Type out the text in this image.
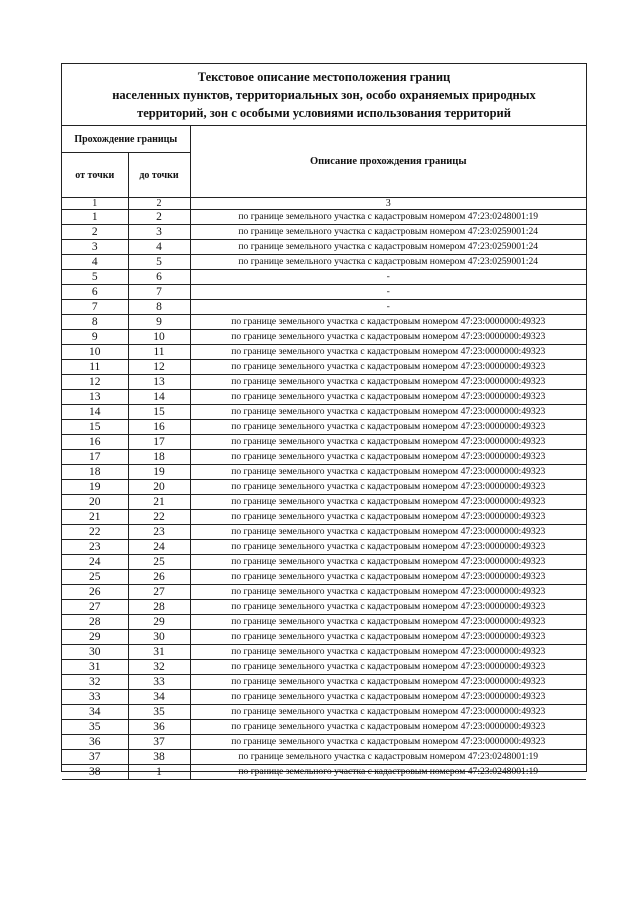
Текстовое описание местоположения границ
населенных пунктов, территориальных зон, особо охраняемых природных
территорий, зон с особыми условиями использования территорий
Прохождение границы		Описание прохождения границы
от точки	до точки	
1	2	3
1	2	по границе земельного участка с кадастровым номером 47:23:0248001:19
2	3	по границе земельного участка с кадастровым номером 47:23:0259001:24
3	4	по границе земельного участка с кадастровым номером 47:23:0259001:24
4	5	по границе земельного участка с кадастровым номером 47:23:0259001:24
5	6	-
6	7	-
7	8	-
8	9	по границе земельного участка с кадастровым номером 47:23:0000000:49323
9	10	по границе земельного участка с кадастровым номером 47:23:0000000:49323
10	11	по границе земельного участка с кадастровым номером 47:23:0000000:49323
11	12	по границе земельного участка с кадастровым номером 47:23:0000000:49323
12	13	по границе земельного участка с кадастровым номером 47:23:0000000:49323
13	14	по границе земельного участка с кадастровым номером 47:23:0000000:49323
14	15	по границе земельного участка с кадастровым номером 47:23:0000000:49323
15	16	по границе земельного участка с кадастровым номером 47:23:0000000:49323
16	17	по границе земельного участка с кадастровым номером 47:23:0000000:49323
17	18	по границе земельного участка с кадастровым номером 47:23:0000000:49323
18	19	по границе земельного участка с кадастровым номером 47:23:0000000:49323
19	20	по границе земельного участка с кадастровым номером 47:23:0000000:49323
20	21	по границе земельного участка с кадастровым номером 47:23:0000000:49323
21	22	по границе земельного участка с кадастровым номером 47:23:0000000:49323
22	23	по границе земельного участка с кадастровым номером 47:23:0000000:49323
23	24	по границе земельного участка с кадастровым номером 47:23:0000000:49323
24	25	по границе земельного участка с кадастровым номером 47:23:0000000:49323
25	26	по границе земельного участка с кадастровым номером 47:23:0000000:49323
26	27	по границе земельного участка с кадастровым номером 47:23:0000000:49323
27	28	по границе земельного участка с кадастровым номером 47:23:0000000:49323
28	29	по границе земельного участка с кадастровым номером 47:23:0000000:49323
29	30	по границе земельного участка с кадастровым номером 47:23:0000000:49323
30	31	по границе земельного участка с кадастровым номером 47:23:0000000:49323
31	32	по границе земельного участка с кадастровым номером 47:23:0000000:49323
32	33	по границе земельного участка с кадастровым номером 47:23:0000000:49323
33	34	по границе земельного участка с кадастровым номером 47:23:0000000:49323
34	35	по границе земельного участка с кадастровым номером 47:23:0000000:49323
35	36	по границе земельного участка с кадастровым номером 47:23:0000000:49323
36	37	по границе земельного участка с кадастровым номером 47:23:0000000:49323
37	38	по границе земельного участка с кадастровым номером 47:23:0248001:19
38	1	по границе земельного участка с кадастровым номером 47:23:0248001:19
